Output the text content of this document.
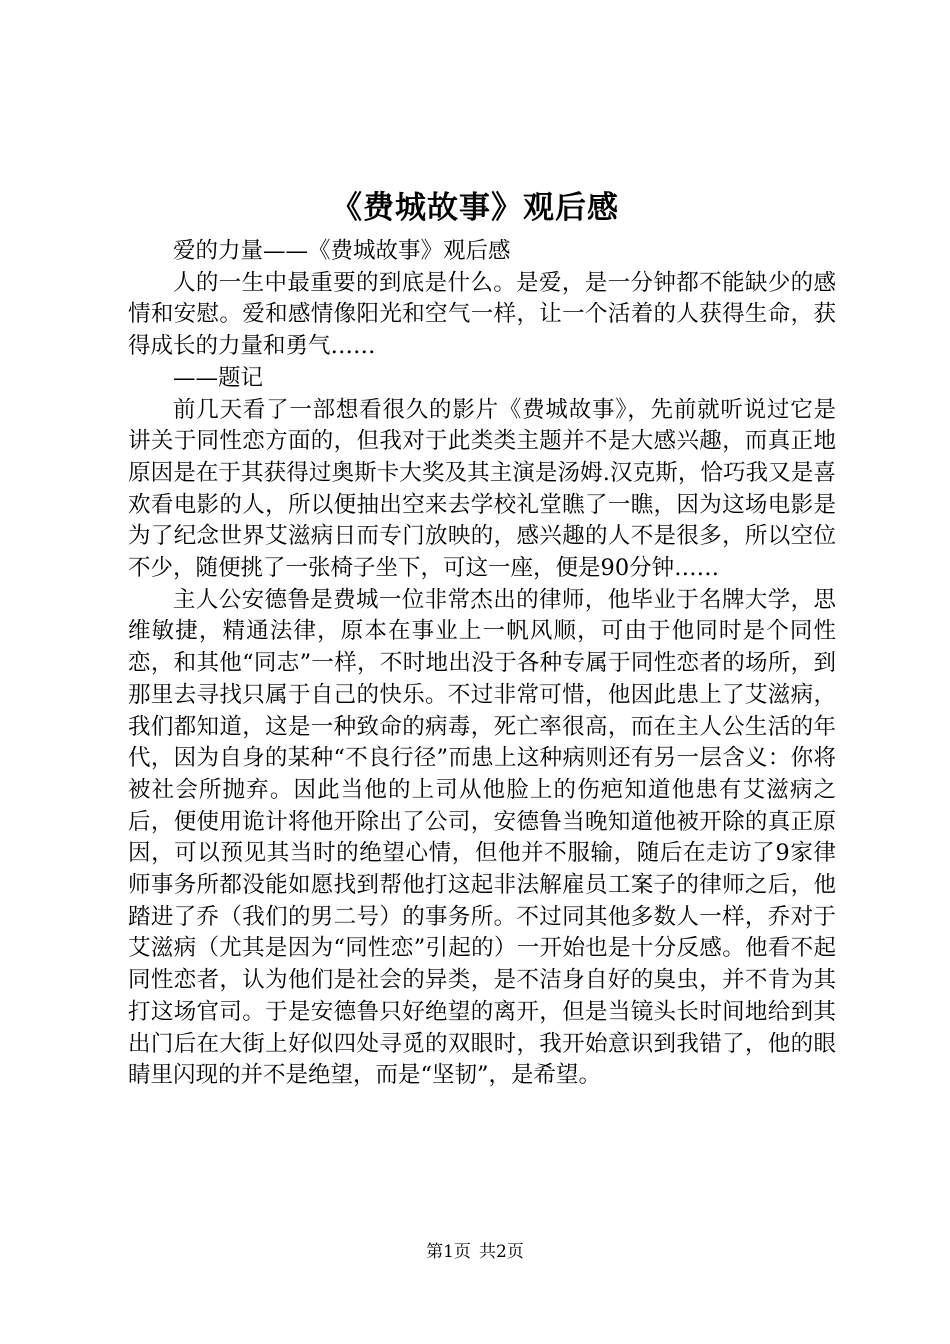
《费城故事》观后感

爱的力量——《费城故事》观后感

人的一生中最重要的到底是什么。是爱，是一分钟都不能缺少的感情和安慰。爱和感情像阳光和空气一样，让一个活着的人获得生命，获得成长的力量和勇气……

——题记

前几天看了一部想看很久的影片《费城故事》，先前就听说过它是讲关于同性恋方面的，但我对于此类类主题并不是大感兴趣，而真正地原因是在于其获得过奥斯卡大奖及其主演是汤姆.汉克斯，恰巧我又是喜欢看电影的人，所以便抽出空来去学校礼堂瞧了一瞧，因为这场电影是为了纪念世界艾滋病日而专门放映的，感兴趣的人不是很多，所以空位不少，随便挑了一张椅子坐下，可这一座，便是90分钟……

主人公安德鲁是费城一位非常杰出的律师，他毕业于名牌大学，思维敏捷，精通法律，原本在事业上一帆风顺，可由于他同时是个同性恋，和其他“同志”一样，不时地出没于各种专属于同性恋者的场所，到那里去寻找只属于自己的快乐。不过非常可惜，他因此患上了艾滋病，我们都知道，这是一种致命的病毒，死亡率很高，而在主人公生活的年代，因为自身的某种“不良行径”而患上这种病则还有另一层含义：你将被社会所抛弃。因此当他的上司从他脸上的伤疤知道他患有艾滋病之后，便使用诡计将他开除出了公司，安德鲁当晚知道他被开除的真正原因，可以预见其当时的绝望心情，但他并不服输，随后在走访了9家律师事务所都没能如愿找到帮他打这起非法解雇员工案子的律师之后，他踏进了乔（我们的男二号）的事务所。不过同其他多数人一样，乔对于艾滋病（尤其是因为“同性恋”引起的）一开始也是十分反感。他看不起同性恋者，认为他们是社会的异类，是不洁身自好的臭虫，并不肯为其打这场官司。于是安德鲁只好绝望的离开，但是当镜头长时间地给到其出门后在大街上好似四处寻觅的双眼时，我开始意识到我错了，他的眼睛里闪现的并不是绝望，而是“坚韧”，是希望。

第1页 共2页
